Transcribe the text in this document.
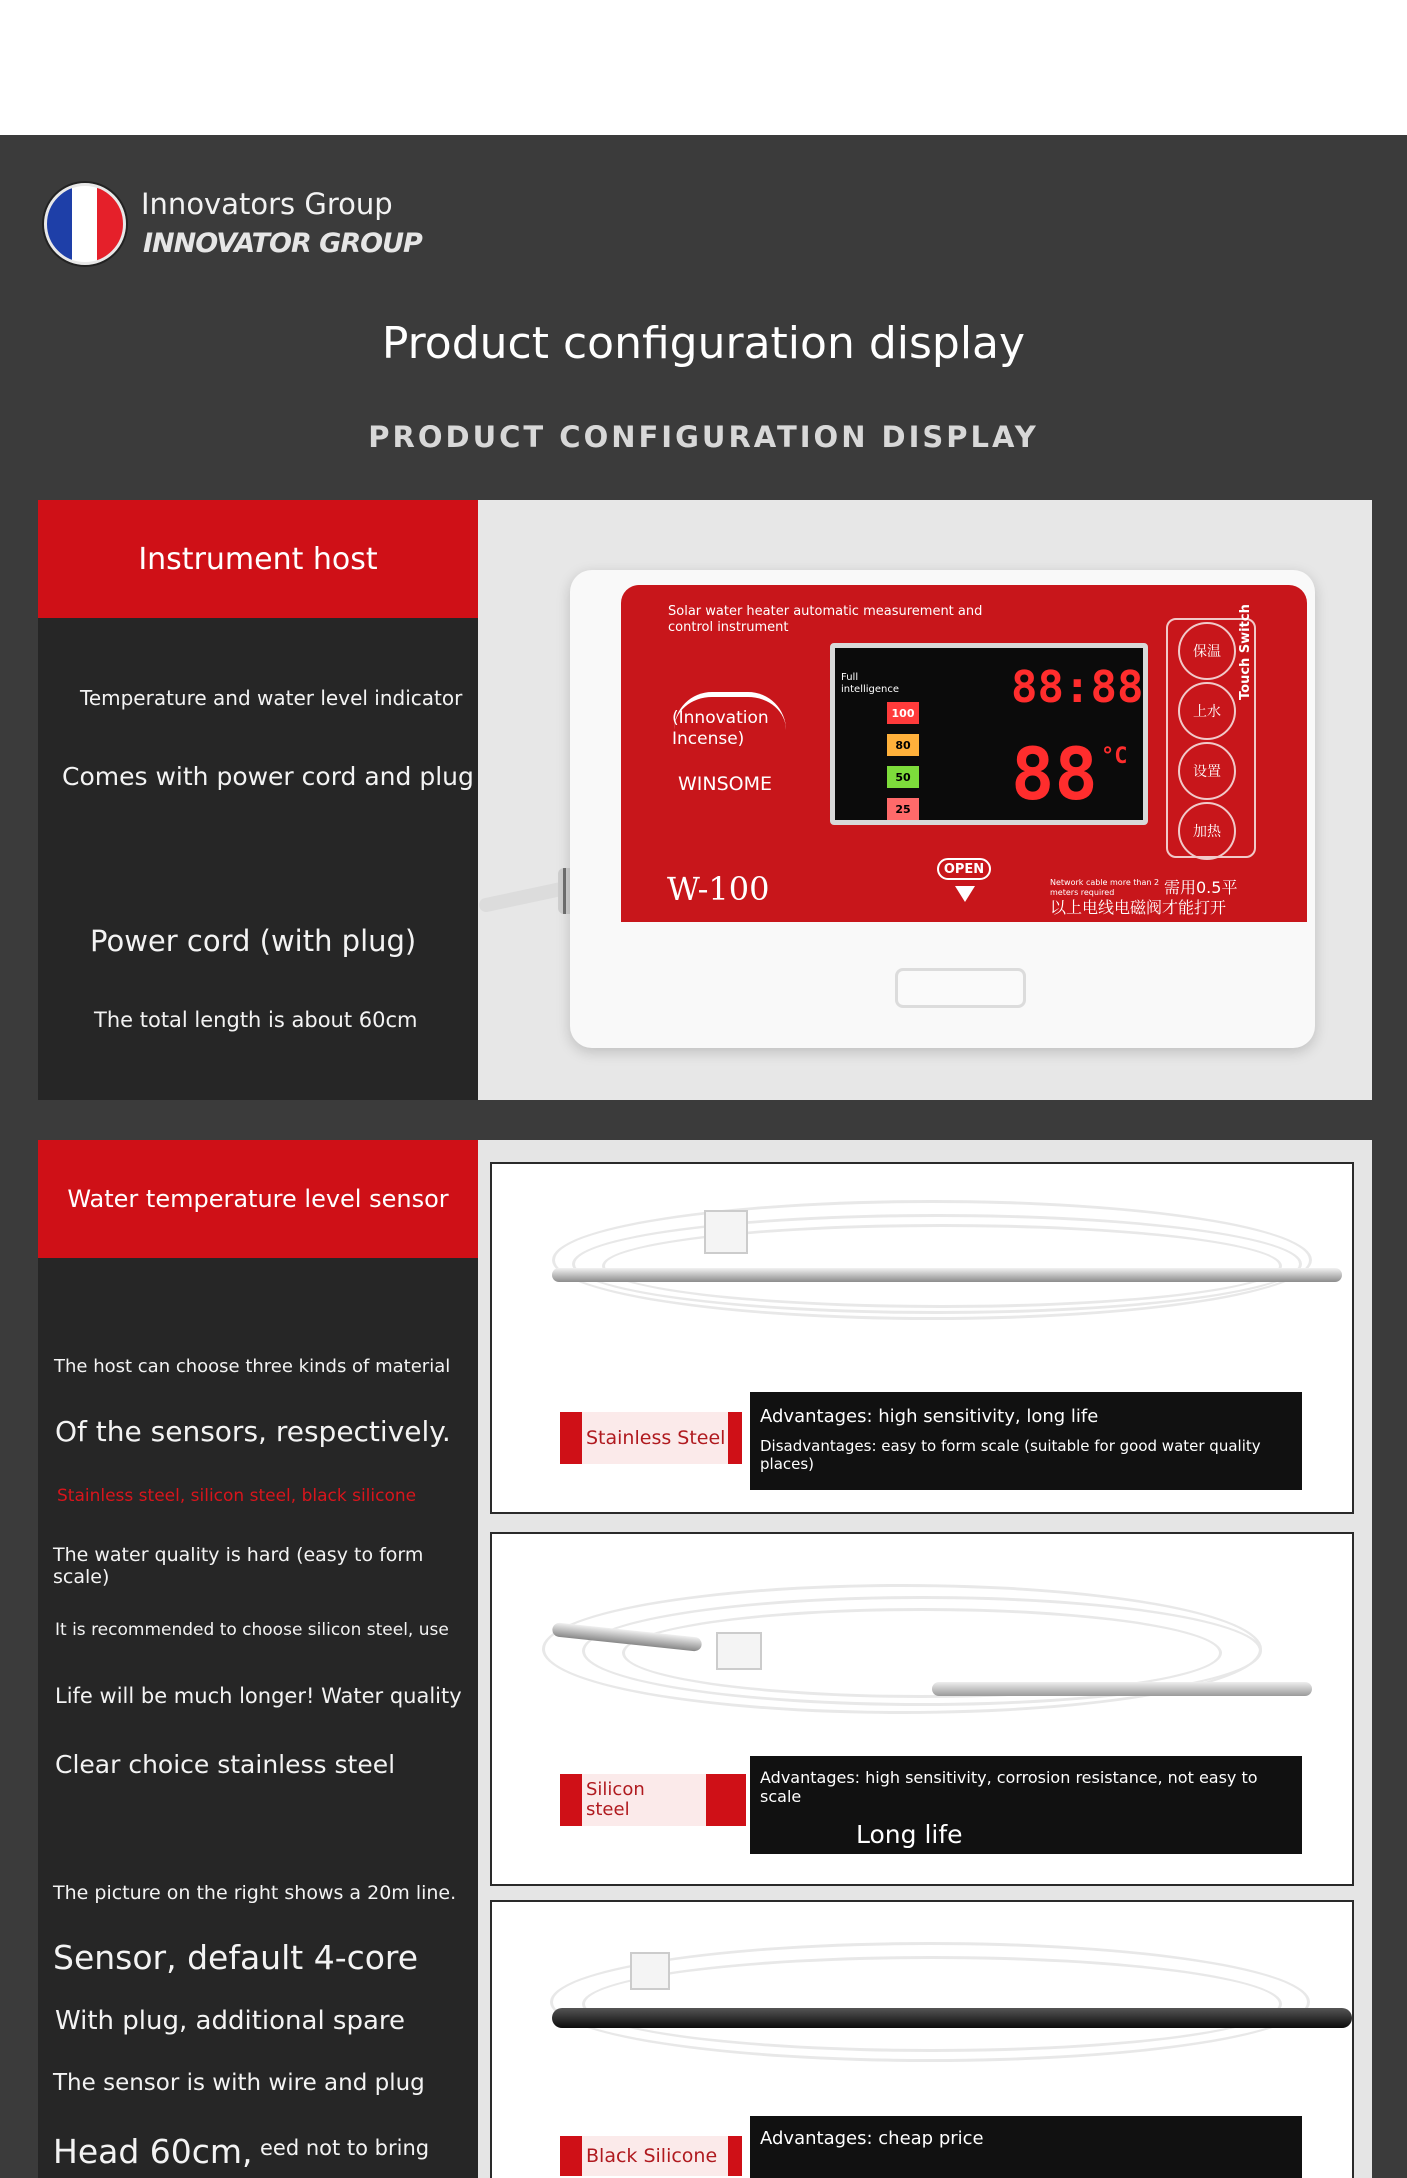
Innovators Group
INNOVATOR GROUP
Product configuration display
PRODUCT CONFIGURATION DISPLAY
Instrument host
Temperature and water level indicator
Comes with power cord and plug
Power cord (with plug)
The total length is about 60cm
Solar water heater automatic measurement and control instrument
(Innovation Incense)
WINSOME
W-100
Full intelligence	88:88
88 °C
100
80
50
25
保温
上水
设置
加热
Touch Switch
OPEN
Network cable more than 2 meters required	需用0.5平
以上电线电磁阀才能打开
Water temperature level sensor
The host can choose three kinds of material
Of the sensors, respectively.
Stainless steel, silicon steel, black silicone
The water quality is hard (easy to form scale)
It is recommended to choose silicon steel, use
Life will be much longer! Water quality
Clear choice stainless steel
The picture on the right shows a 20m line.
Sensor, default 4-core
With plug, additional spare
The sensor is with wire and plug
Head 60cm, eed not to bring
Stainless Steel
Advantages: high sensitivity, long life
Disadvantages: easy to form scale (suitable for good water quality places)
Silicon steel
Advantages: high sensitivity, corrosion resistance, not easy to scale
Long life
Black Silicone
Advantages: cheap price
